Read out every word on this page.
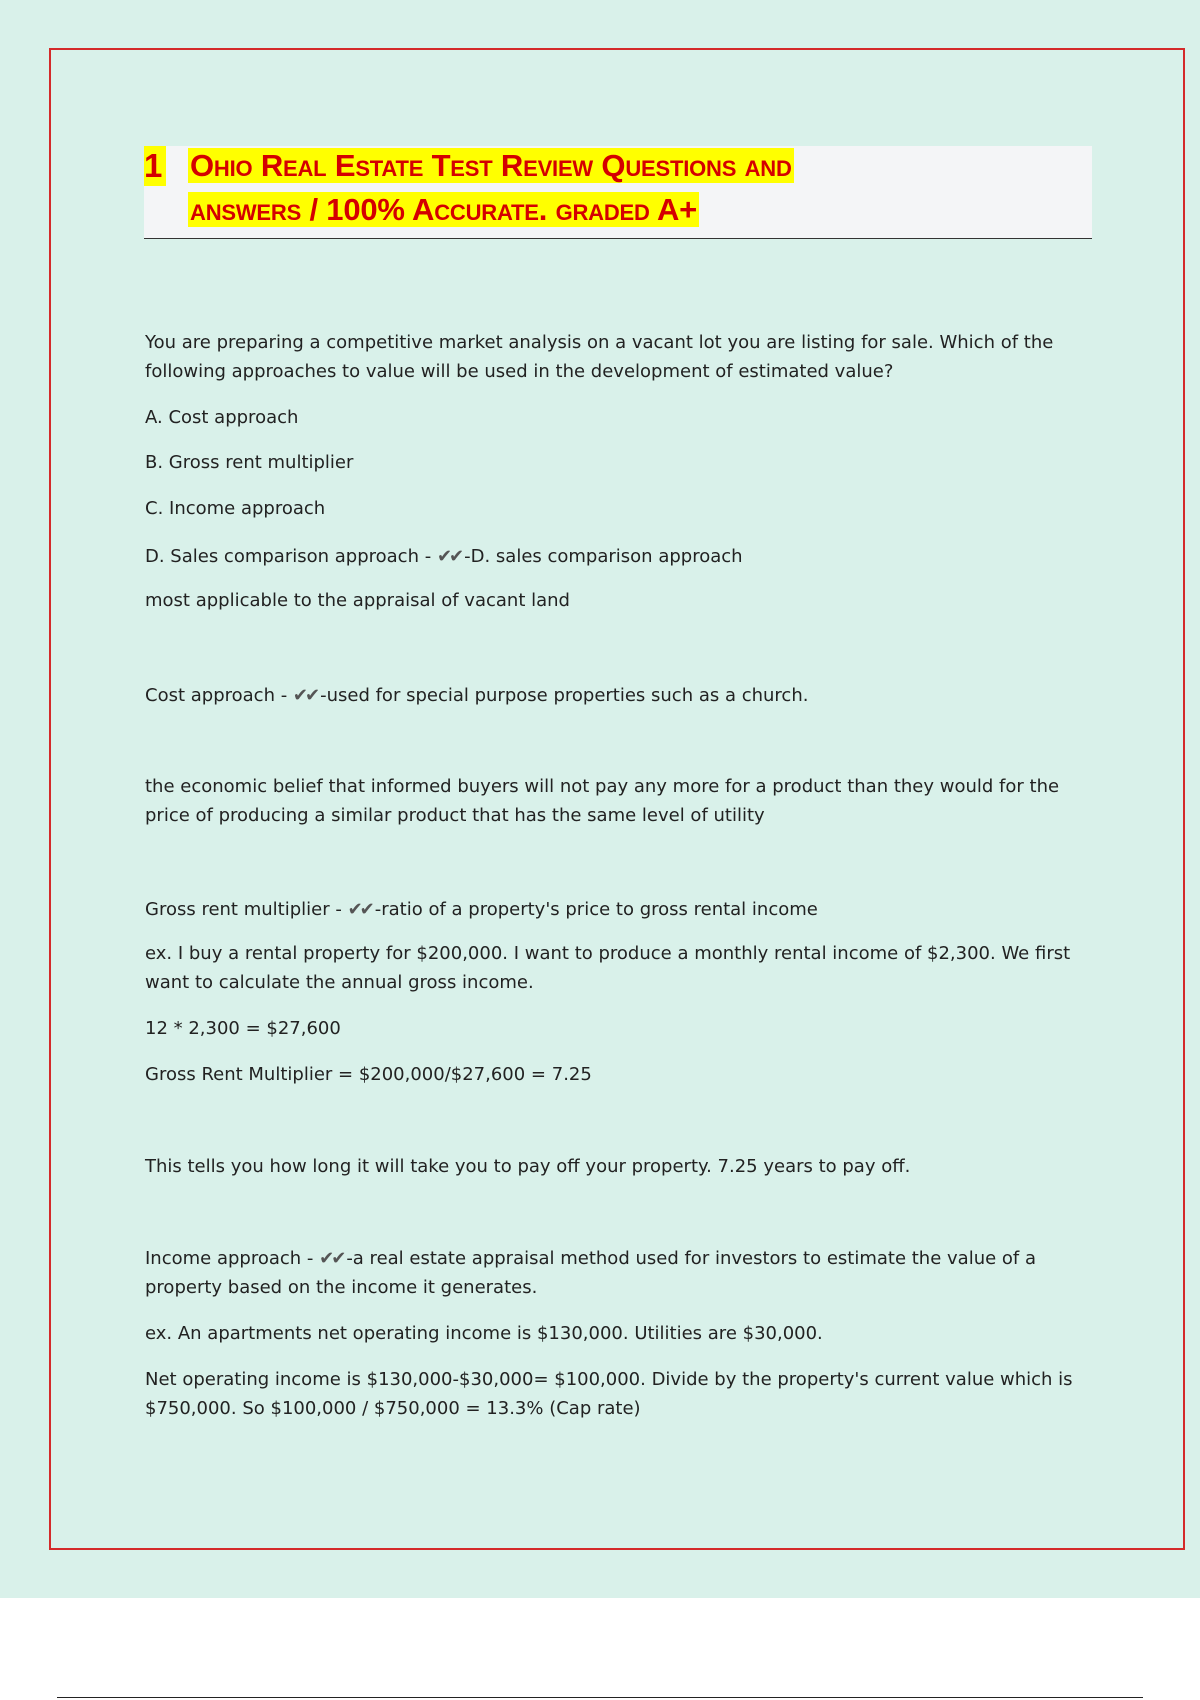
1 Ohio Real Estate Test Review Questions and
answers / 100% Accurate. graded A+
You are preparing a competitive market analysis on a vacant lot you are listing for sale. Which of the following approaches to value will be used in the development of estimated value?
A. Cost approach
B. Gross rent multiplier
C. Income approach
D. Sales comparison approach - ✔✔ -D. sales comparison approach
most applicable to the appraisal of vacant land
Cost approach - ✔✔ -used for special purpose properties such as a church.
the economic belief that informed buyers will not pay any more for a product than they would for the price of producing a similar product that has the same level of utility
Gross rent multiplier - ✔✔ -ratio of a property's price to gross rental income
ex. I buy a rental property for $200,000. I want to produce a monthly rental income of $2,300. We first want to calculate the annual gross income.
12 * 2,300 = $27,600
Gross Rent Multiplier = $200,000/$27,600 = 7.25
This tells you how long it will take you to pay off your property. 7.25 years to pay off.
Income approach - ✔✔ -a real estate appraisal method used for investors to estimate the value of a property based on the income it generates.
ex. An apartments net operating income is $130,000. Utilities are $30,000.
Net operating income is $130,000-$30,000= $100,000. Divide by the property's current value which is $750,000. So $100,000 / $750,000 = 13.3% (Cap rate)
